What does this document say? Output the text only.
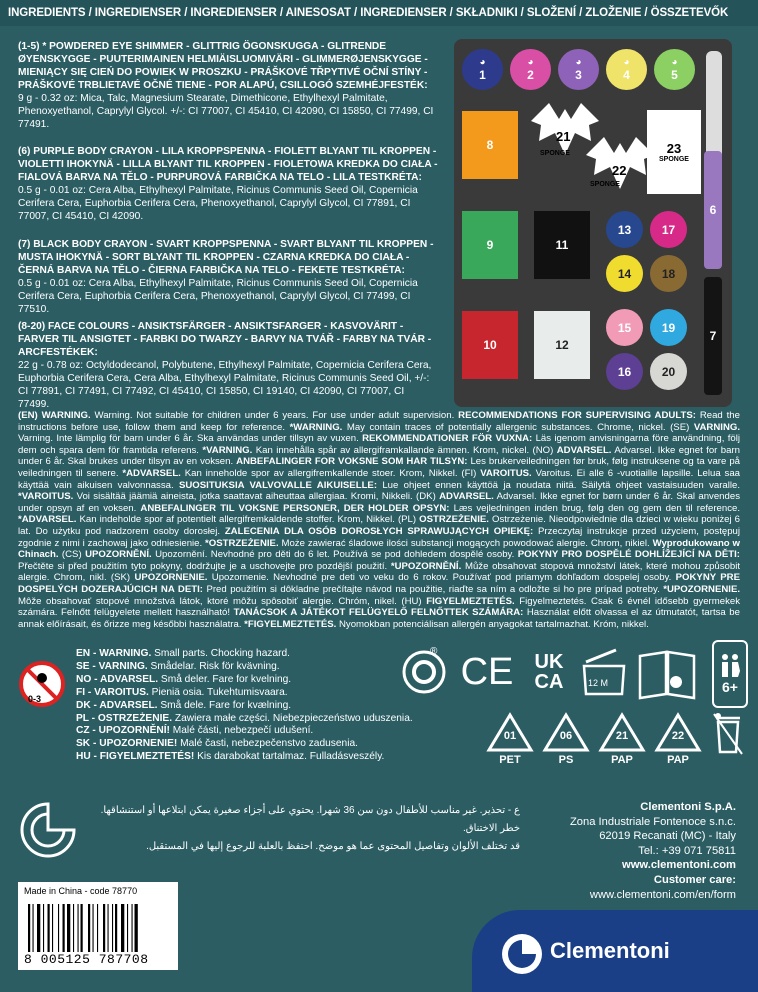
INGREDIENTS / INGREDIENSER / INGREDIENSER / AINESOSAT / INGREDIENSER / SKŁADNIKI / SLOŽENÍ / ZLOŽENIE / ÖSSZETEVŐK
(1-5) * POWDERED EYE SHIMMER - GLITTRIG ÖGONSKUGGA - GLITRENDE ØYENSKYGGE - PUUTERIMAINEN HELMIÄISLUOMIVÄRI - GLIMMERØJENSKYGGE - MIENIĄCY SIĘ CIEŃ DO POWIEK W PROSZKU - PRÁŠKOVÉ TŘPYTIVÉ OČNÍ STÍNY - PRÁŠKOVÉ TRBLIETAVÉ OČNÉ TIENE - POR ALAPÚ, CSILLOGÓ SZEMHÉJFESTÉK:
9 g - 0.32 oz: Mica, Talc, Magnesium Stearate, Dimethicone, Ethylhexyl Palmitate, Phenoxyethanol, Caprylyl Glycol. +/-: CI 77007, CI 45410, CI 42090, CI 15850, CI 77499, CI 77491.
(6) PURPLE BODY CRAYON - LILA KROPPSPENNA - FIOLETT BLYANT TIL KROPPEN - VIOLETTI IHOKYNÄ - LILLA BLYANT TIL KROPPEN - FIOLETOWA KREDKA DO CIAŁA - FIALOVÁ BARVA NA TĚLO - PURPUROVÁ FARBIČKA NA TELO - LILA TESTKRÉTA:
0.5 g - 0.01 oz: Cera Alba, Ethylhexyl Palmitate, Ricinus Communis Seed Oil, Copernicia Cerifera Cera, Euphorbia Cerifera Cera, Phenoxyethanol, Caprylyl Glycol, CI 77891, CI 77007, CI 45410, CI 42090.
(7) BLACK BODY CRAYON - SVART KROPPSPENNA - SVART BLYANT TIL KROPPEN - MUSTA IHOKYNÄ - SORT BLYANT TIL KROPPEN - CZARNA KREDKA DO CIAŁA - ČERNÁ BARVA NA TĚLO - ČIERNA FARBIČKA NA TELO - FEKETE TESTKRÉTA:
0.5 g - 0.01 oz: Cera Alba, Ethylhexyl Palmitate, Ricinus Communis Seed Oil, Copernicia Cerifera Cera, Euphorbia Cerifera Cera, Phenoxyethanol, Caprylyl Glycol, CI 77499, CI 77510.
(8-20) FACE COLOURS - ANSIKTSFÄRGER - ANSIKTSFARGER - KASVOVÄRIT - FARVER TIL ANSIGTET - FARBKI DO TWARZY - BARVY NA TVÁŘ - FARBY NA TVÁR - ARCFESTÉKEK:
22 g - 0.78 oz: Octyldodecanol, Polybutene, Ethylhexyl Palmitate, Copernicia Cerifera Cera, Euphorbia Cerifera Cera, Cera Alba, Ethylhexyl Palmitate, Ricinus Communis Seed Oil, +/-: CI 77891, CI 77491, CI 77492, CI 45410, CI 15850, CI 19140, CI 42090, CI 77007, CI 77499.
21
SPONGE
22
SPONGE
23
SPONGE
◕
1
◕
2
◕
3
◕
4
◕
5
8
9
10
11
12
13
14
15
16
17
18
19
20
6
7
(EN) WARNING. Warning. Not suitable for children under 6 years. For use under adult supervision. RECOMMENDATIONS FOR SUPERVISING ADULTS: Read the instructions before use, follow them and keep for reference. *WARNING. May contain traces of potentially allergenic substances. Chrome, nickel. (SE) VARNING. Varning. Inte lämplig för barn under 6 år. Ska användas under tillsyn av vuxen. REKOMMENDATIONER FÖR VUXNA: Läs igenom anvisningarna före användning, följ dem och spara dem för framtida referens. *VARNING. Kan innehålla spår av allergiframkallande ämnen. Krom, nickel. (NO) ADVARSEL. Advarsel. Ikke egnet for barn under 6 år. Skal brukes under tilsyn av en voksen. ANBEFALINGER FOR VOKSNE SOM HAR TILSYN: Les brukerveiledningen før bruk, følg instruksene og ta vare på veiledningen til senere. *ADVARSEL. Kan inneholde spor av allergifremkallende stoer. Krom, Nikkel. (FI) VAROITUS. Varoitus. Ei alle 6 -vuotiaille lapsille. Leluа saa käyttää vain aikuisen valvonnassa. SUOSITUKSIA VALVOVALLE AIKUISELLE: Lue ohjeet ennen käyttöä ja noudata niitä. Säilytä ohjeet vastaisuuden varalle. *VAROITUS. Voi sisältää jäämiä aineista, jotka saattavat aiheuttaa allergiaa. Kromi, Nikkeli. (DK) ADVARSEL. Advarsel. Ikke egnet for børn under 6 år. Skal anvendes under opsyn af en voksen. ANBEFALINGER TIL VOKSNE PERSONER, DER HOLDER OPSYN: Læs vejledningen inden brug, følg den og gem den til reference. *ADVARSEL. Kan indeholde spor af potentielt allergifremkaldende stoffer. Krom, Nikkel. (PL) OSTRZEŻENIE. Ostrzeżenie. Nieodpowiednie dla dzieci w wieku poniżej 6 lat. Do użytku pod nadzorem osoby dorosłej. ZALECENIA DLA OSÓB DOROSŁYCH SPRAWUJĄCYCH OPIEKĘ: Przeczytaj instrukcje przed użyciem, postępuj zgodnie z nimi i zachowaj jako odniesienie. *OSTRZEŻENIE. Może zawierać śladowe ilości substancji mogących powodować alergie. Chrom, nikiel. Wyprodukowano w Chinach. (CS) UPOZORNĚNÍ. Upozornění. Nevhodné pro děti do 6 let. Používá se pod dohledem dospělé osoby. POKYNY PRO DOSPĚLÉ DOHLÍŽEJÍCÍ NA DĚTI: Přečtěte si před použitím tyto pokyny, dodržujte je a uschovejte pro pozdější použití. *UPOZORNĚNÍ. Může obsahovat stopová množství látek, které mohou způsobit alergie. Chrom, nikl. (SK) UPOZORNENIE. Upozornenie. Nevhodné pre deti vo veku do 6 rokov. Používať pod priamym dohľadom dospelej osoby. POKYNY PRE DOSPELÝCH DOZERAJÚCICH NA DETI: Pred použitím si dôkladne prečítajte návod na použitie, riaďte sa ním a odložte si ho pre prípad potreby. *UPOZORNENIE. Môže obsahovať stopové množstvá látok, ktoré môžu spôsobiť alergie. Chróm, nikel. (HU) FIGYELMEZTETÉS. Figyelmeztetés. Csak 6 évnél idősebb gyermekek számára. Felnőtt felügyelete mellett használható! TANÁCSOK A JÁTÉKOT FELÜGYELŐ FELNŐTTEK SZÁMÁRA: Használat előtt olvassa el az útmutatót, tartsa be annak előírásait, és őrizze meg későbbi használatra. *FIGYELMEZTETÉS. Nyomokban potenciálisan allergén anyagokat tartalmazhat. Króm, nikkel.
0-3
EN - WARNING. Small parts. Chocking hazard.
SE - VARNING. Smådelar. Risk för kvävning.
NO - ADVARSEL. Små deler. Fare for kvelning.
FI - VAROITUS. Pieniä osia. Tukehtumisvaara.
DK - ADVARSEL. Små dele. Fare for kvælning.
PL - OSTRZEŻENIE. Zawiera małe części. Niebezpieczeństwo uduszenia.
CZ - UPOZORNĚNÍ! Malé části, nebezpečí udušení.
SK - UPOZORNENIE! Malé časti, nebezpečenstvo zadusenia.
HU - FIGYELMEZTETÉS! Kis darabokat tartalmaz. Fulladásveszély.
® CE UK
CA	12 M	6+
01
PET
06
PS
21
PAP
22
PAP
ع - تحذير. غير مناسب للأطفال دون سن 36 شهرا. يحتوي على أجزاء صغيرة يمكن ابتلاعها أو استنشاقها. خطر الاختناق.
قد تختلف الألوان وتفاصيل المحتوى عما هو موضح. احتفظ بالعلبة للرجوع إليها في المستقبل.
Clementoni S.p.A.
Zona Industriale Fontenoce s.n.c.
62019 Recanati (MC) - Italy
Tel.: +39 071 75811
www.clementoni.com
Customer care:
www.clementoni.com/en/form
Made in China - code 78770
8 005125 787708	Clementoni
